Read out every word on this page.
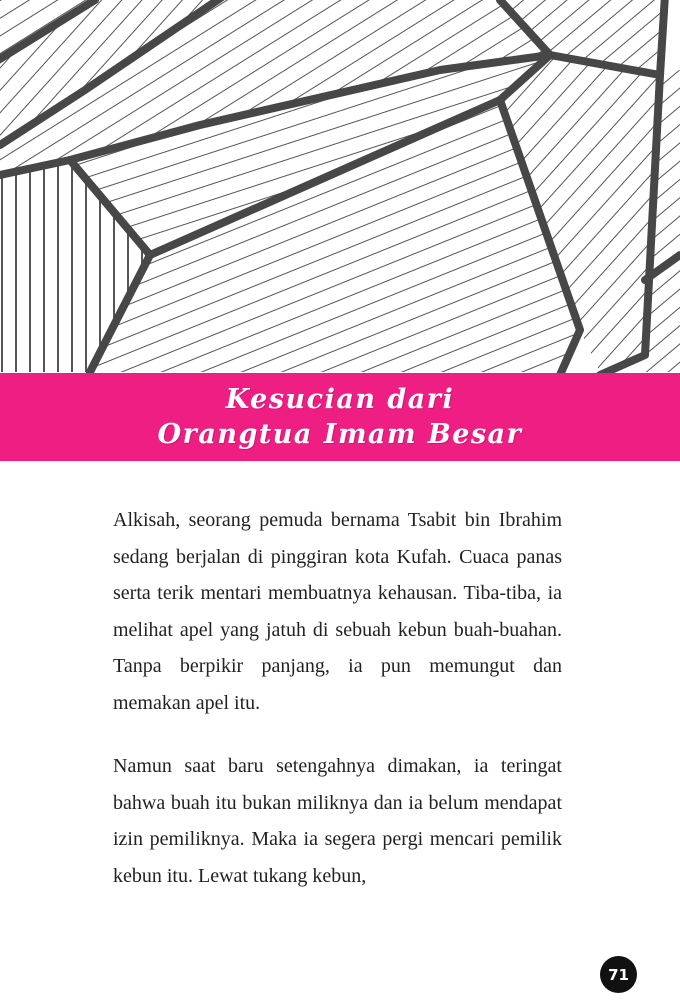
Kesucian dari
Orangtua Imam Besar

Alkisah, seorang pemuda bernama Tsabit bin Ibrahim sedang berjalan di pinggiran kota Kufah. Cuaca panas serta terik mentari membuatnya kehausan. Tiba-tiba, ia melihat apel yang jatuh di sebuah kebun buah-buahan. Tanpa berpikir panjang, ia pun memungut dan memakan apel itu.

Namun saat baru setengahnya dimakan, ia teringat bahwa buah itu bukan miliknya dan ia belum mendapat izin pemiliknya. Maka ia segera pergi mencari pemilik kebun itu. Lewat tukang kebun,

71
